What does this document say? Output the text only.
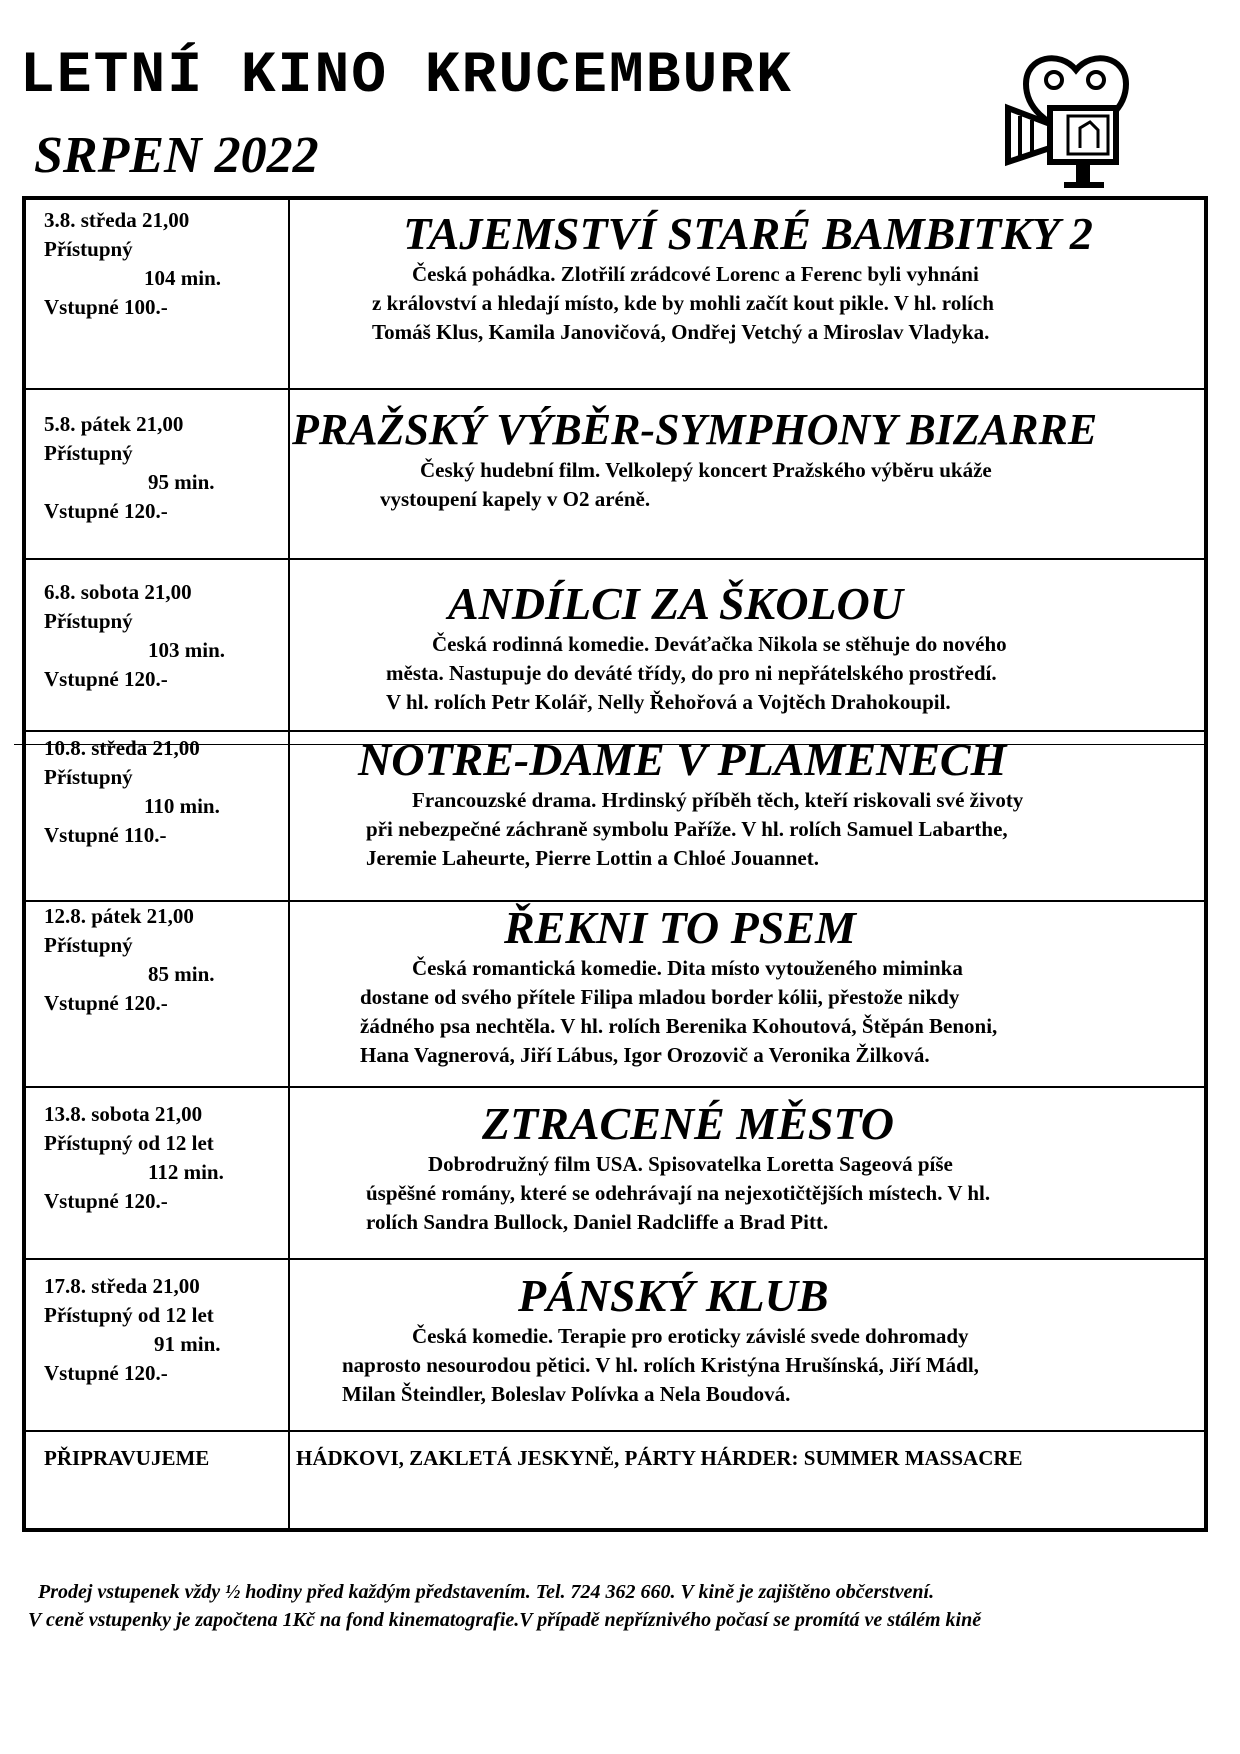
LETNÍ KINO KRUCEMBURK
SRPEN 2022
3.8. středa 21,00
Přístupný
104 min.
Vstupné 100.-
TAJEMSTVÍ STARÉ BAMBITKY 2
Česká pohádka. Zlotřilí zrádcové Lorenc a Ferenc byli vyhnáni
z království a hledají místo, kde by mohli začít kout pikle. V hl. rolích
Tomáš Klus, Kamila Janovičová, Ondřej Vetchý a Miroslav Vladyka.
5.8. pátek 21,00
Přístupný
95 min.
Vstupné 120.-
PRAŽSKÝ VÝBĚR-SYMPHONY BIZARRE
Český hudební film. Velkolepý koncert Pražského výběru ukáže
vystoupení kapely v O2 aréně.
6.8. sobota 21,00
Přístupný
103 min.
Vstupné 120.-
ANDÍLCI ZA ŠKOLOU
Česká rodinná komedie. Deváťačka Nikola se stěhuje do nového
města. Nastupuje do deváté třídy, do pro ni nepřátelského prostředí.
V hl. rolích Petr Kolář, Nelly Řehořová a Vojtěch Drahokoupil.
10.8. středa 21,00
Přístupný
110 min.
Vstupné 110.-
NOTRE-DAME V PLAMENECH
Francouzské drama. Hrdinský příběh těch, kteří riskovali své životy
při nebezpečné záchraně symbolu Paříže. V hl. rolích Samuel Labarthe,
Jeremie Laheurte, Pierre Lottin a Chloé Jouannet.
12.8. pátek 21,00
Přístupný
85 min.
Vstupné 120.-
ŘEKNI TO PSEM
Česká romantická komedie. Dita místo vytouženého miminka
dostane od svého přítele Filipa mladou border kólii, přestože nikdy
žádného psa nechtěla. V hl. rolích Berenika Kohoutová, Štěpán Benoni,
Hana Vagnerová, Jiří Lábus, Igor Orozovič a Veronika Žilková.
13.8. sobota 21,00
Přístupný od 12 let
112 min.
Vstupné 120.-
ZTRACENÉ MĚSTO
Dobrodružný film USA. Spisovatelka Loretta Sageová píše
úspěšné romány, které se odehrávají na nejexotičtějších místech. V hl.
rolích Sandra Bullock, Daniel Radcliffe a Brad Pitt.
17.8. středa 21,00
Přístupný od 12 let
91 min.
Vstupné 120.-
PÁNSKÝ KLUB
Česká komedie. Terapie pro eroticky závislé svede dohromady
naprosto nesourodou pětici. V hl. rolích Kristýna Hrušínská, Jiří Mádl,
Milan Šteindler, Boleslav Polívka a Nela Boudová.
PŘIPRAVUJEME	HÁDKOVI, ZAKLETÁ JESKYNĚ, PÁRTY HÁRDER: SUMMER MASSACRE
Prodej vstupenek vždy ½ hodiny před každým představením. Tel. 724 362 660. V kině je zajištěno občerstvení.
V ceně vstupenky je započtena 1Kč na fond kinematografie.V případě nepříznivého počasí se promítá ve stálém kině
